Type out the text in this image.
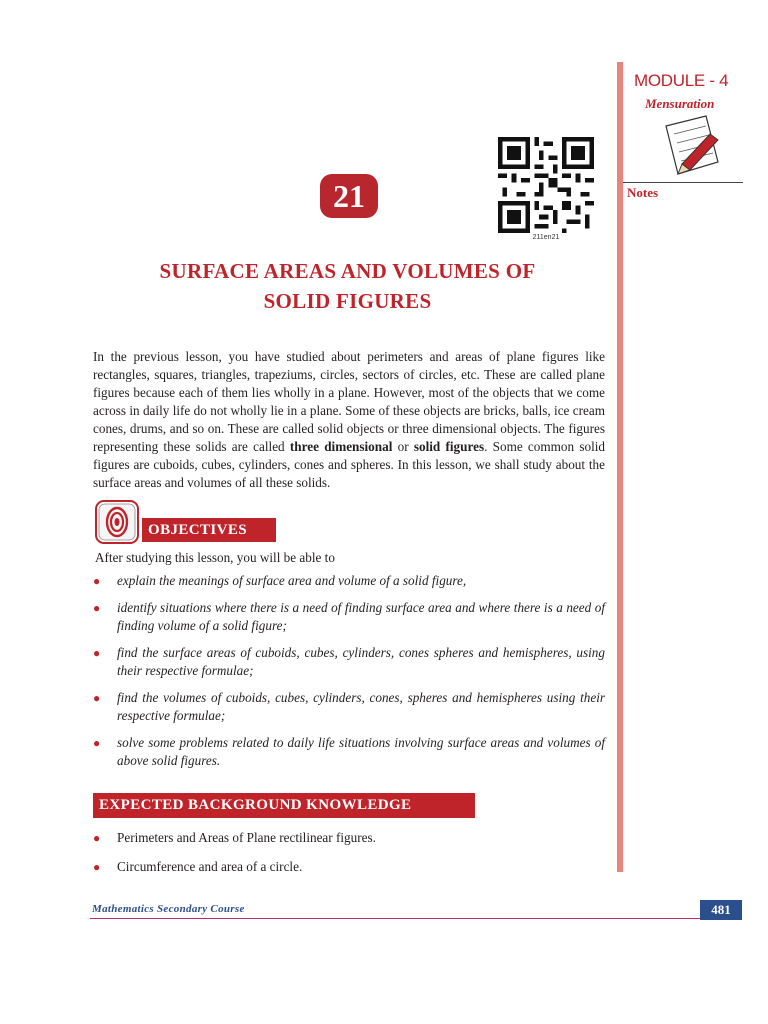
MODULE - 4
Mensuration
Notes
21
211en21
SURFACE AREAS AND VOLUMES OF
SOLID FIGURES
In the previous lesson, you have studied about perimeters and areas of plane figures like rectangles, squares, triangles, trapeziums, circles, sectors of circles, etc. These are called plane figures because each of them lies wholly in a plane. However, most of the objects that we come across in daily life do not wholly lie in a plane. Some of these objects are bricks, balls, ice cream cones, drums, and so on. These are called solid objects or three dimensional objects. The figures representing these solids are called three dimensional or solid figures. Some common solid figures are cuboids, cubes, cylinders, cones and spheres. In this lesson, we shall study about the surface areas and volumes of all these solids.
OBJECTIVES
After studying this lesson, you will be able to
● explain the meanings of surface area and volume of a solid figure,
● identify situations where there is a need of finding surface area and where there is a need of finding volume of a solid figure;
● find the surface areas of cuboids, cubes, cylinders, cones spheres and hemispheres, using their respective formulae;
● find the volumes of cuboids, cubes, cylinders, cones, spheres and hemispheres using their respective formulae;
● solve some problems related to daily life situations involving surface areas and volumes of above solid figures.
EXPECTED BACKGROUND KNOWLEDGE
● Perimeters and Areas of Plane rectilinear figures.
● Circumference and area of a circle.
Mathematics Secondary Course	481
